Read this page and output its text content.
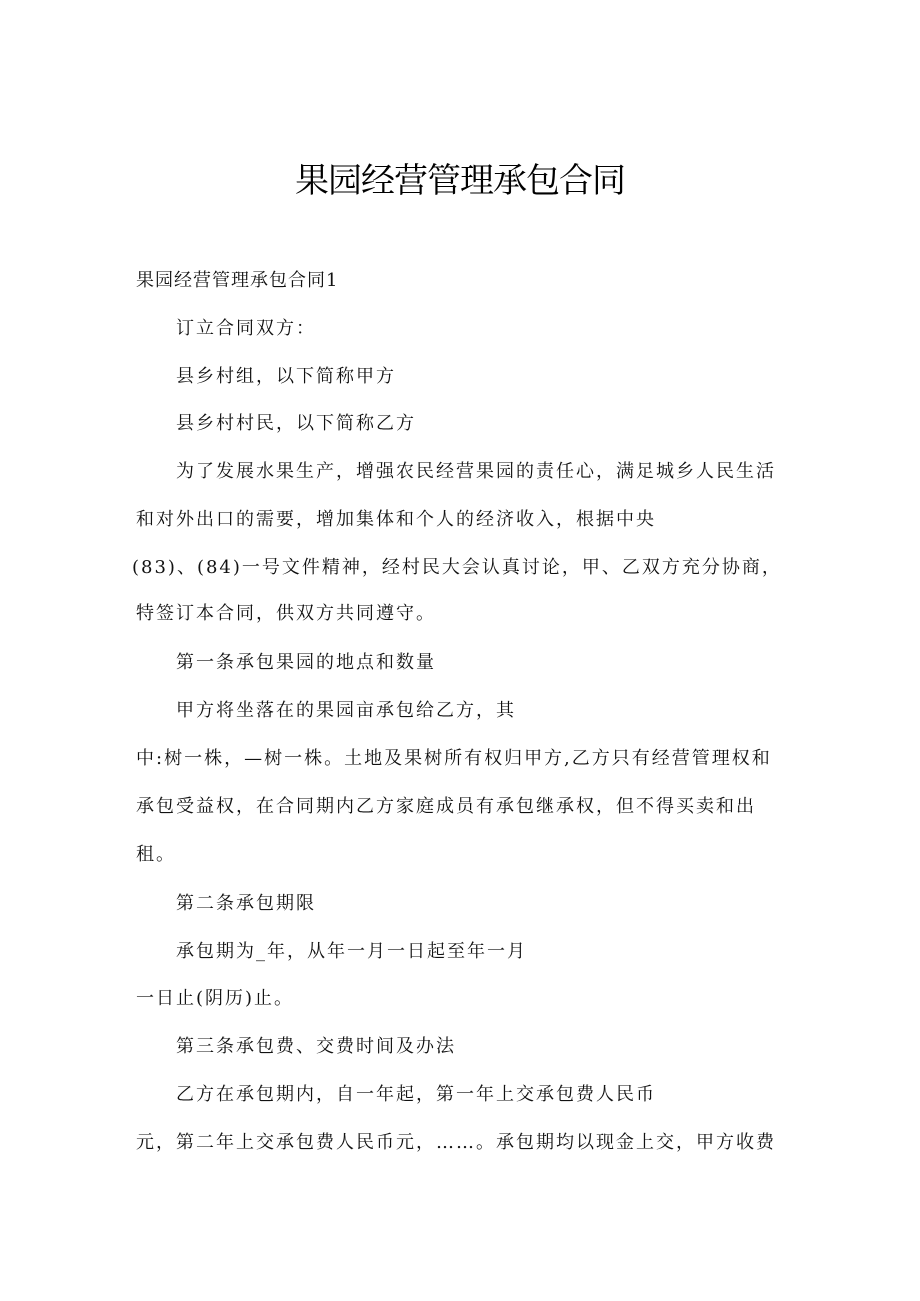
果园经营管理承包合同
果园经营管理承包合同1
订立合同双方：
县乡村组，以下简称甲方
县乡村村民，以下简称乙方
为了发展水果生产，增强农民经营果园的责任心，满足城乡人民生活
和对外出口的需要，增加集体和个人的经济收入，根据中央
(83)、(84)一号文件精神，经村民大会认真讨论，甲、乙双方充分协商，
特签订本合同，供双方共同遵守。
第一条承包果园的地点和数量
甲方将坐落在的果园亩承包给乙方，其
中:树一株，—树一株。土地及果树所有权归甲方,乙方只有经营管理权和
承包受益权，在合同期内乙方家庭成员有承包继承权，但不得买卖和出
租。
第二条承包期限
承包期为_年，从年一月一日起至年一月
一日止(阴历)止。
第三条承包费、交费时间及办法
乙方在承包期内，自一年起，第一年上交承包费人民币
元，第二年上交承包费人民币元，……。承包期均以现金上交，甲方收费
